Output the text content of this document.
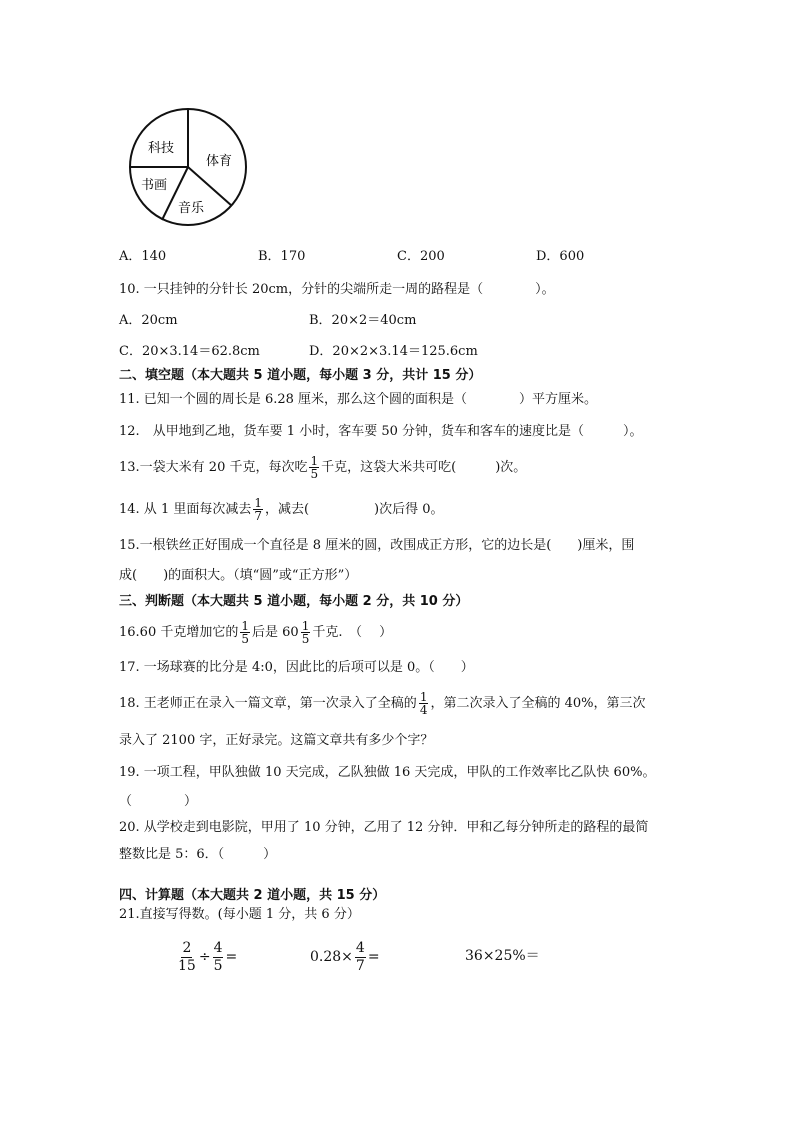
体育
音乐
书画
科技
A．140	B．170	C．200	D．600
10. 一只挂钟的分针长 20cm，分针的尖端所走一周的路程是（　　　　）。
A．20cm	B．20×2＝40cm
C．20×3.14＝62.8cm	D．20×2×3.14＝125.6cm
二、填空题（本大题共 5 道小题，每小题 3 分，共计 15 分）
11. 已知一个圆的周长是 6.28 厘米，那么这个圆的面积是（　　　　）平方厘米。
12.　从甲地到乙地，货车要 1 小时，客车要 50 分钟，货车和客车的速度比是（　　　）。
13.一袋大米有 20 千克，每次吃 $\frac{1}{5}$ 千克，这袋大米共可吃(　　　)次。
14. 从 1 里面每次减去 $\frac{1}{7}$ ，减去(　　　　　)次后得 0。
15.一根铁丝正好围成一个直径是 8 厘米的圆，改围成正方形，它的边长是(　　)厘米，围
成(　　)的面积大。（填“圆”或“正方形”）
三、判断题（本大题共 5 道小题，每小题 2 分，共 10 分）
16.60 千克增加它的 $\frac{1}{5}$ 后是 $60 \frac{1}{5}$ 千克.　（　 ）
17. 一场球赛的比分是 4:0，因此比的后项可以是 0。（　　）
18. 王老师正在录入一篇文章，第一次录入了全稿的 $\frac{1}{4}$ ，第二次录入了全稿的 40%，第三次
录入了 2100 字，正好录完。这篇文章共有多少个字？
19. 一项工程，甲队独做 10 天完成，乙队独做 16 天完成，甲队的工作效率比乙队快 60%。
（　　　　）
20. 从学校走到电影院，甲用了 10 分钟，乙用了 12 分钟．甲和乙每分钟所走的路程的最简
整数比是 5：6．（　　　）
四、计算题（本大题共 2 道小题，共 15 分）
21.直接写得数。(每小题 1 分，共 6 分）
$\frac{2}{15} \div \frac{4}{5}$ =	$0.28\times \frac{4}{7}$ =	36×25%＝
